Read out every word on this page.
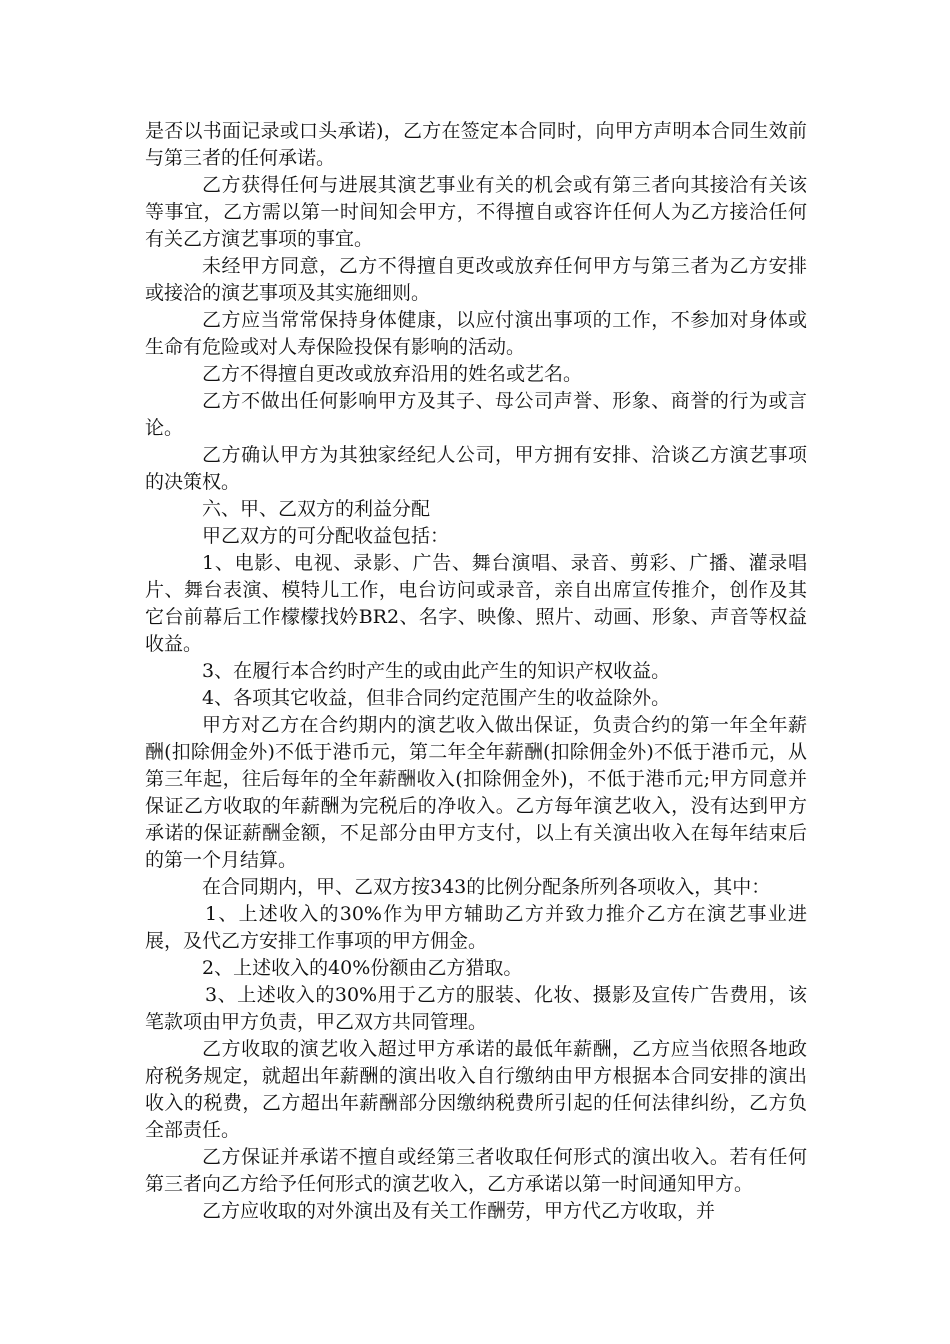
是否以书面记录或口头承诺)，乙方在签定本合同时，向甲方声明本合同生效前与第三者的任何承诺。

乙方获得任何与进展其演艺事业有关的机会或有第三者向其接洽有关该等事宜，乙方需以第一时间知会甲方，不得擅自或容许任何人为乙方接洽任何有关乙方演艺事项的事宜。

未经甲方同意，乙方不得擅自更改或放弃任何甲方与第三者为乙方安排或接洽的演艺事项及其实施细则。

乙方应当常常保持身体健康，以应付演出事项的工作，不参加对身体或生命有危险或对人寿保险投保有影响的活动。

乙方不得擅自更改或放弃沿用的姓名或艺名。

乙方不做出任何影响甲方及其子、母公司声誉、形象、商誉的行为或言论。

乙方确认甲方为其独家经纪人公司，甲方拥有安排、洽谈乙方演艺事项的决策权。

六、甲、乙双方的利益分配

甲乙双方的可分配收益包括：

1、电影、电视、录影、广告、舞台演唱、录音、剪彩、广播、灌录唱片、舞台表演、模特儿工作，电台访问或录音，亲自出席宣传推介，创作及其它台前幕后工作檬檬找妗BR2、名字、映像、照片、动画、形象、声音等权益收益。

3、在履行本合约时产生的或由此产生的知识产权收益。

4、各项其它收益，但非合同约定范围产生的收益除外。

甲方对乙方在合约期内的演艺收入做出保证，负责合约的第一年全年薪酬(扣除佣金外)不低于港币元，第二年全年薪酬(扣除佣金外)不低于港币元，从第三年起，往后每年的全年薪酬收入(扣除佣金外)，不低于港币元;甲方同意并保证乙方收取的年薪酬为完税后的净收入。乙方每年演艺收入，没有达到甲方承诺的保证薪酬金额，不足部分由甲方支付，以上有关演出收入在每年结束后的第一个月结算。

在合同期内，甲、乙双方按343的比例分配条所列各项收入，其中：

1、上述收入的30%作为甲方辅助乙方并致力推介乙方在演艺事业进展，及代乙方安排工作事项的甲方佣金。

2、上述收入的40%份额由乙方猎取。

3、上述收入的30%用于乙方的服装、化妆、摄影及宣传广告费用，该笔款项由甲方负责，甲乙双方共同管理。

乙方收取的演艺收入超过甲方承诺的最低年薪酬，乙方应当依照各地政府税务规定，就超出年薪酬的演出收入自行缴纳由甲方根据本合同安排的演出收入的税费，乙方超出年薪酬部分因缴纳税费所引起的任何法律纠纷，乙方负全部责任。

乙方保证并承诺不擅自或经第三者收取任何形式的演出收入。若有任何第三者向乙方给予任何形式的演艺收入，乙方承诺以第一时间通知甲方。

乙方应收取的对外演出及有关工作酬劳，甲方代乙方收取，并
